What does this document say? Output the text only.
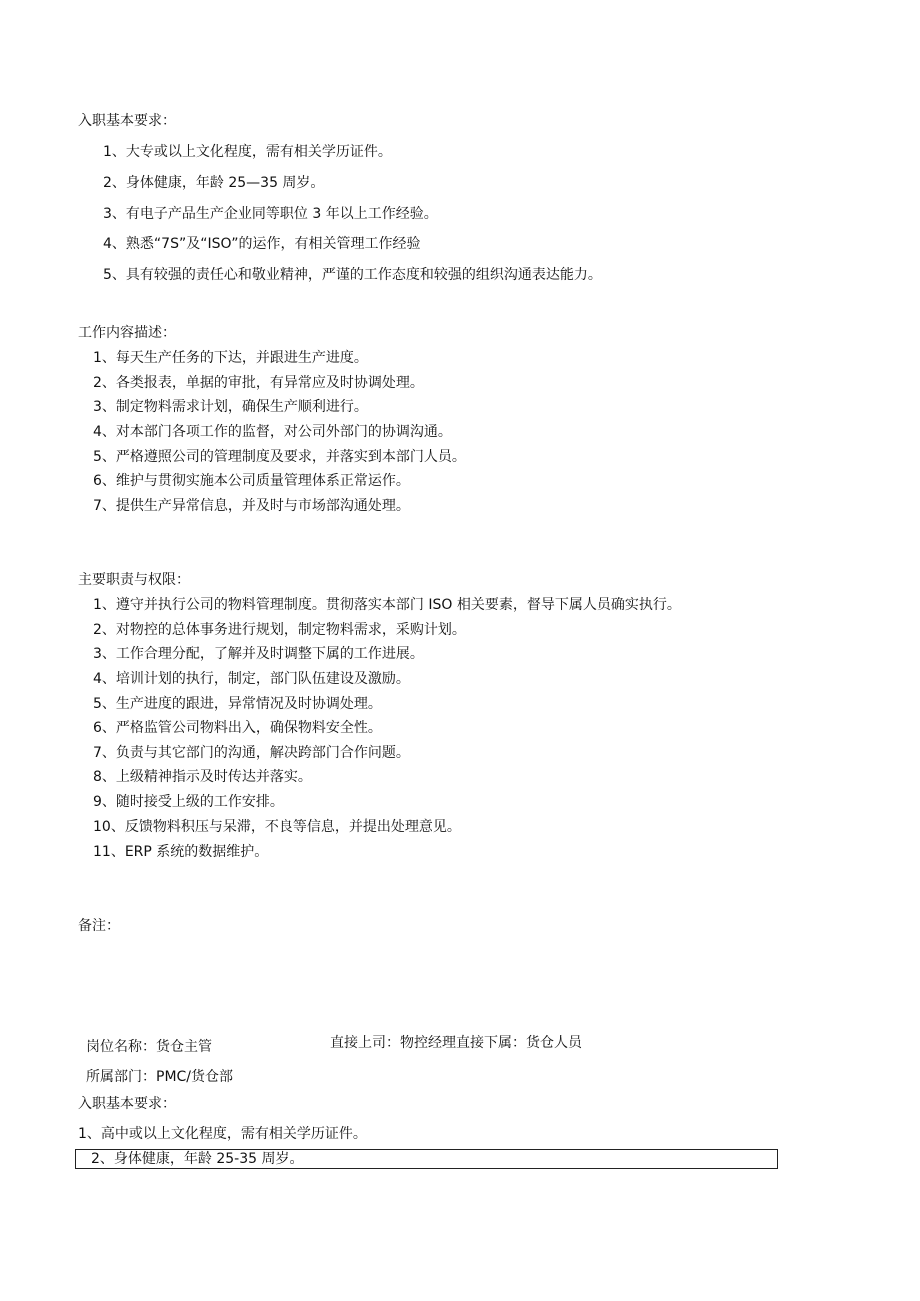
入职基本要求：
1、大专或以上文化程度，需有相关学历证件。
2、身体健康，年龄 25—35 周岁。
3、有电子产品生产企业同等职位 3 年以上工作经验。
4、熟悉“7S”及“ISO”的运作，有相关管理工作经验
5、具有较强的责任心和敬业精神，严谨的工作态度和较强的组织沟通表达能力。
工作内容描述：
1、每天生产任务的下达，并跟进生产进度。
2、各类报表，单据的审批，有异常应及时协调处理。
3、制定物料需求计划，确保生产顺利进行。
4、对本部门各项工作的监督，对公司外部门的协调沟通。
5、严格遵照公司的管理制度及要求，并落实到本部门人员。
6、维护与贯彻实施本公司质量管理体系正常运作。
7、提供生产异常信息，并及时与市场部沟通处理。
主要职责与权限：
1、遵守并执行公司的物料管理制度。贯彻落实本部门 ISO 相关要素，督导下属人员确实执行。
2、对物控的总体事务进行规划，制定物料需求，采购计划。
3、工作合理分配，了解并及时调整下属的工作进展。
4、培训计划的执行，制定，部门队伍建设及激励。
5、生产进度的跟进，异常情况及时协调处理。
6、严格监管公司物料出入，确保物料安全性。
7、负责与其它部门的沟通，解决跨部门合作问题。
8、上级精神指示及时传达并落实。
9、随时接受上级的工作安排。
10、反馈物料积压与呆滞，不良等信息，并提出处理意见。
11、ERP 系统的数据维护。
备注：
岗位名称：货仓主管	直接上司：物控经理直接下属：货仓人员
所属部门：PMC/货仓部
入职基本要求：
1、高中或以上文化程度，需有相关学历证件。
2、身体健康，年龄 25-35 周岁。
